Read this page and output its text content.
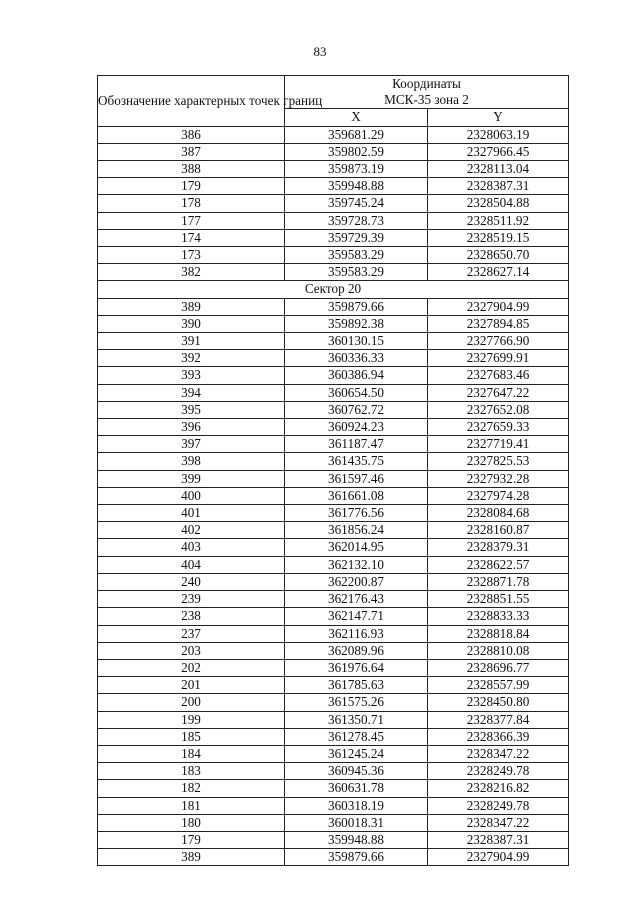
83
Обозначение характерных точек границ	Координаты
МСК-35 зона 2	
	X	Y
386	359681.29	2328063.19
387	359802.59	2327966.45
388	359873.19	2328113.04
179	359948.88	2328387.31
178	359745.24	2328504.88
177	359728.73	2328511.92
174	359729.39	2328519.15
173	359583.29	2328650.70
382	359583.29	2328627.14
Сектор 20		
389	359879.66	2327904.99
390	359892.38	2327894.85
391	360130.15	2327766.90
392	360336.33	2327699.91
393	360386.94	2327683.46
394	360654.50	2327647.22
395	360762.72	2327652.08
396	360924.23	2327659.33
397	361187.47	2327719.41
398	361435.75	2327825.53
399	361597.46	2327932.28
400	361661.08	2327974.28
401	361776.56	2328084.68
402	361856.24	2328160.87
403	362014.95	2328379.31
404	362132.10	2328622.57
240	362200.87	2328871.78
239	362176.43	2328851.55
238	362147.71	2328833.33
237	362116.93	2328818.84
203	362089.96	2328810.08
202	361976.64	2328696.77
201	361785.63	2328557.99
200	361575.26	2328450.80
199	361350.71	2328377.84
185	361278.45	2328366.39
184	361245.24	2328347.22
183	360945.36	2328249.78
182	360631.78	2328216.82
181	360318.19	2328249.78
180	360018.31	2328347.22
179	359948.88	2328387.31
389	359879.66	2327904.99
